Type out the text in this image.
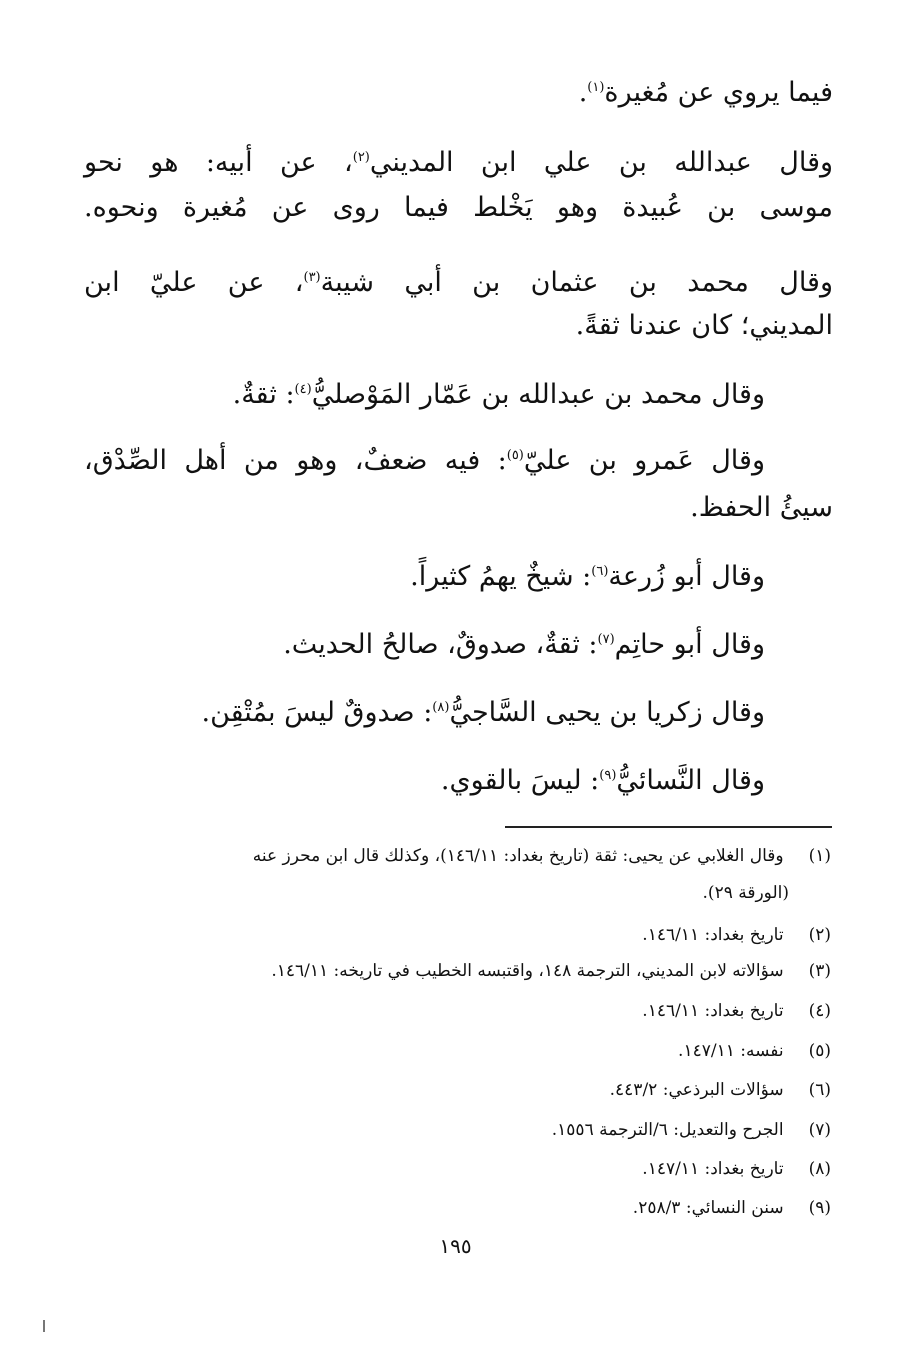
فيما يروي عن مُغيرة$^{(١)}$.
وقال عبدالله بن علي ابن المديني$^{(٢)}$، عن أبيه: هو نحو
موسى بن عُبيدة وهو يَخْلط فيما روى عن مُغيرة ونحوه.
وقال محمد بن عثمان بن أبي شيبة$^{(٣)}$، عن عليّ ابن
المديني؛ كان عندنا ثقةً.
وقال محمد بن عبدالله بن عَمّار المَوْصليُّ$^{(٤)}$: ثقةٌ.
وقال عَمرو بن عليّ$^{(٥)}$: فيه ضعفٌ، وهو من أهل الصِّدْق،
سيئُ الحفظ.
وقال أبو زُرعة$^{(٦)}$: شيخٌ يهمُ كثيراً.
وقال أبو حاتِم$^{(٧)}$: ثقةٌ، صدوقٌ، صالحُ الحديث.
وقال زكريا بن يحيى السَّاجيُّ$^{(٨)}$: صدوقٌ ليسَ بمُتْقِن.
وقال النَّسائيُّ$^{(٩)}$: ليسَ بالقوي.
(١) وقال الغلابي عن يحيى: ثقة (تاريخ بغداد: ١٤٦/١١)، وكذلك قال ابن محرز عنه
(الورقة ٢٩).
(٢) تاريخ بغداد: ١٤٦/١١.
(٣) سؤالاته لابن المديني، الترجمة ١٤٨، واقتبسه الخطيب في تاريخه: ١٤٦/١١.
(٤) تاريخ بغداد: ١٤٦/١١.
(٥) نفسه: ١٤٧/١١.
(٦) سؤالات البرذعي: ٤٤٣/٢.
(٧) الجرح والتعديل: ٦/الترجمة ١٥٥٦.
(٨) تاريخ بغداد: ١٤٧/١١.
(٩) سنن النسائي: ٢٥٨/٣.
١٩٥
